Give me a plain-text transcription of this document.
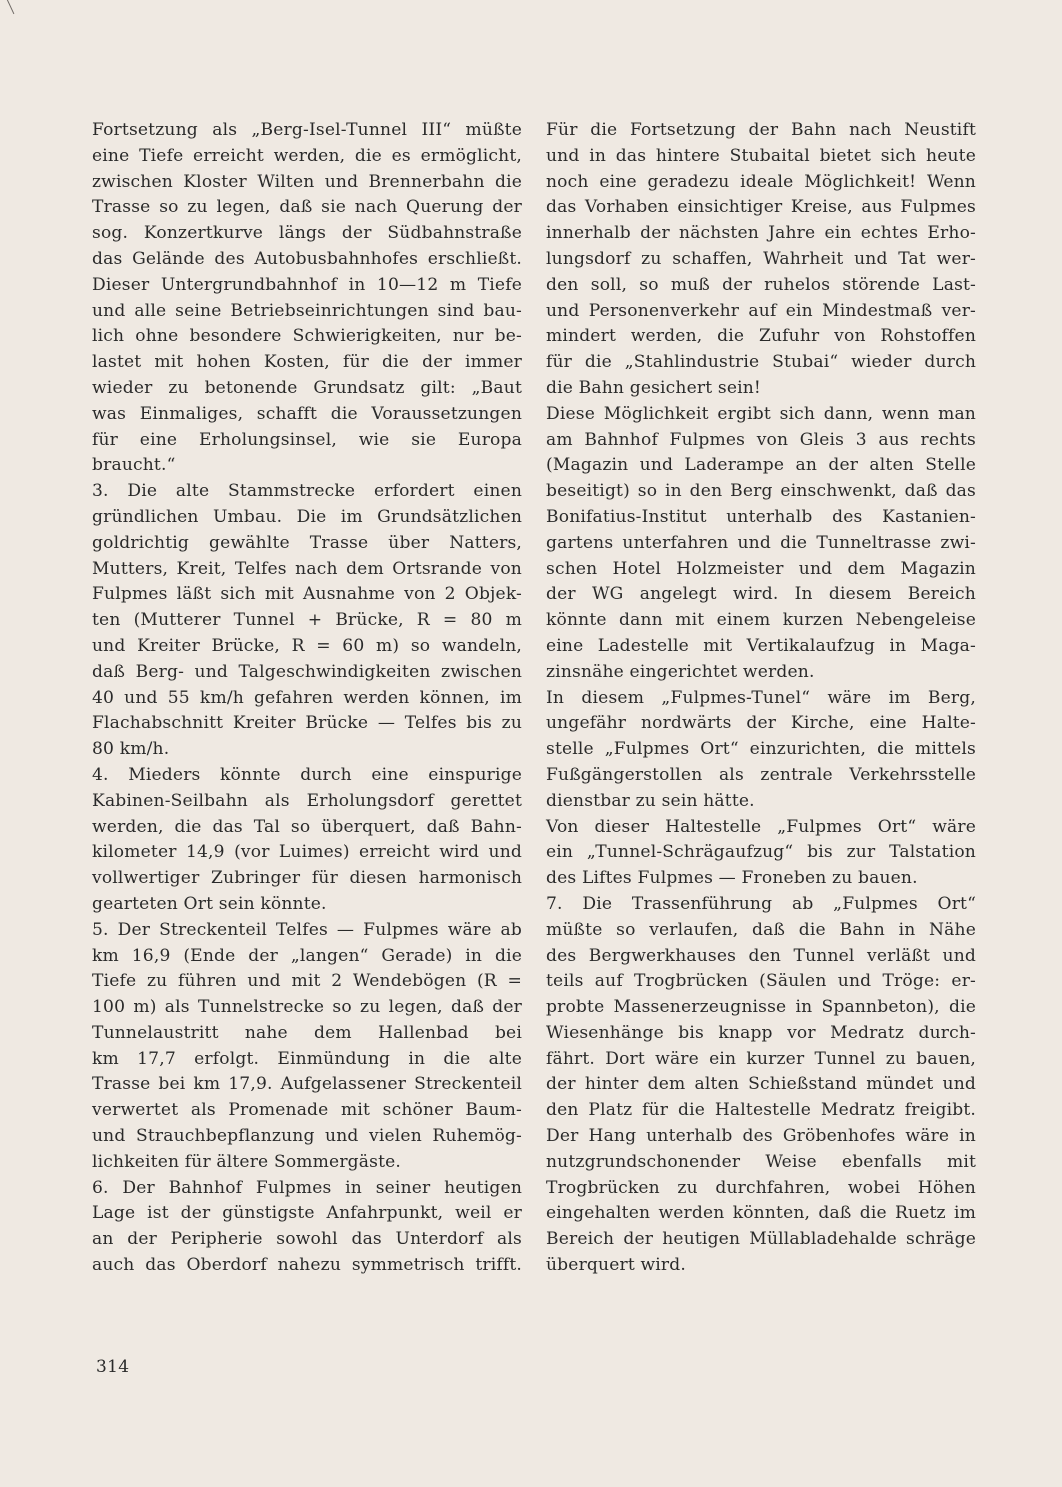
Fortsetzung als „Berg-Isel-Tunnel III“ müßte
eine Tiefe erreicht werden, die es ermöglicht,
zwischen Kloster Wilten und Brennerbahn die
Trasse so zu legen, daß sie nach Querung der
sog. Konzertkurve längs der Südbahnstraße
das Gelände des Autobusbahnhofes erschließt.
Dieser Untergrundbahnhof in 10—12 m Tiefe
und alle seine Betriebseinrichtungen sind bau-
lich ohne besondere Schwierigkeiten, nur be-
lastet mit hohen Kosten, für die der immer
wieder zu betonende Grundsatz gilt: „Baut
was Einmaliges, schafft die Voraussetzungen
für eine Erholungsinsel, wie sie Europa
braucht.“
3. Die alte Stammstrecke erfordert einen
gründlichen Umbau. Die im Grundsätzlichen
goldrichtig gewählte Trasse über Natters,
Mutters, Kreit, Telfes nach dem Ortsrande von
Fulpmes läßt sich mit Ausnahme von 2 Objek-
ten (Mutterer Tunnel + Brücke, R = 80 m
und Kreiter Brücke, R = 60 m) so wandeln,
daß Berg- und Talgeschwindigkeiten zwischen
40 und 55 km/h gefahren werden können, im
Flachabschnitt Kreiter Brücke — Telfes bis zu
80 km/h.
4. Mieders könnte durch eine einspurige
Kabinen-Seilbahn als Erholungsdorf gerettet
werden, die das Tal so überquert, daß Bahn-
kilometer 14,9 (vor Luimes) erreicht wird und
vollwertiger Zubringer für diesen harmonisch
gearteten Ort sein könnte.
5. Der Streckenteil Telfes — Fulpmes wäre ab
km 16,9 (Ende der „langen“ Gerade) in die
Tiefe zu führen und mit 2 Wendebögen (R =
100 m) als Tunnelstrecke so zu legen, daß der
Tunnelaustritt nahe dem Hallenbad bei
km 17,7 erfolgt. Einmündung in die alte
Trasse bei km 17,9. Aufgelassener Streckenteil
verwertet als Promenade mit schöner Baum-
und Strauchbepflanzung und vielen Ruhemög-
lichkeiten für ältere Sommergäste.
6. Der Bahnhof Fulpmes in seiner heutigen
Lage ist der günstigste Anfahrpunkt, weil er
an der Peripherie sowohl das Unterdorf als
auch das Oberdorf nahezu symmetrisch trifft.
Für die Fortsetzung der Bahn nach Neustift
und in das hintere Stubaital bietet sich heute
noch eine geradezu ideale Möglichkeit! Wenn
das Vorhaben einsichtiger Kreise, aus Fulpmes
innerhalb der nächsten Jahre ein echtes Erho-
lungsdorf zu schaffen, Wahrheit und Tat wer-
den soll, so muß der ruhelos störende Last-
und Personenverkehr auf ein Mindestmaß ver-
mindert werden, die Zufuhr von Rohstoffen
für die „Stahlindustrie Stubai“ wieder durch
die Bahn gesichert sein!
Diese Möglichkeit ergibt sich dann, wenn man
am Bahnhof Fulpmes von Gleis 3 aus rechts
(Magazin und Laderampe an der alten Stelle
beseitigt) so in den Berg einschwenkt, daß das
Bonifatius-Institut unterhalb des Kastanien-
gartens unterfahren und die Tunneltrasse zwi-
schen Hotel Holzmeister und dem Magazin
der WG angelegt wird. In diesem Bereich
könnte dann mit einem kurzen Nebengeleise
eine Ladestelle mit Vertikalaufzug in Maga-
zinsnähe eingerichtet werden.
In diesem „Fulpmes-Tunel“ wäre im Berg,
ungefähr nordwärts der Kirche, eine Halte-
stelle „Fulpmes Ort“ einzurichten, die mittels
Fußgängerstollen als zentrale Verkehrsstelle
dienstbar zu sein hätte.
Von dieser Haltestelle „Fulpmes Ort“ wäre
ein „Tunnel-Schrägaufzug“ bis zur Talstation
des Liftes Fulpmes — Froneben zu bauen.
7. Die Trassenführung ab „Fulpmes Ort“
müßte so verlaufen, daß die Bahn in Nähe
des Bergwerkhauses den Tunnel verläßt und
teils auf Trogbrücken (Säulen und Tröge: er-
probte Massenerzeugnisse in Spannbeton), die
Wiesenhänge bis knapp vor Medratz durch-
fährt. Dort wäre ein kurzer Tunnel zu bauen,
der hinter dem alten Schießstand mündet und
den Platz für die Haltestelle Medratz freigibt.
Der Hang unterhalb des Gröbenhofes wäre in
nutzgrundschonender Weise ebenfalls mit
Trogbrücken zu durchfahren, wobei Höhen
eingehalten werden könnten, daß die Ruetz im
Bereich der heutigen Müllabladehalde schräge
überquert wird.
314
